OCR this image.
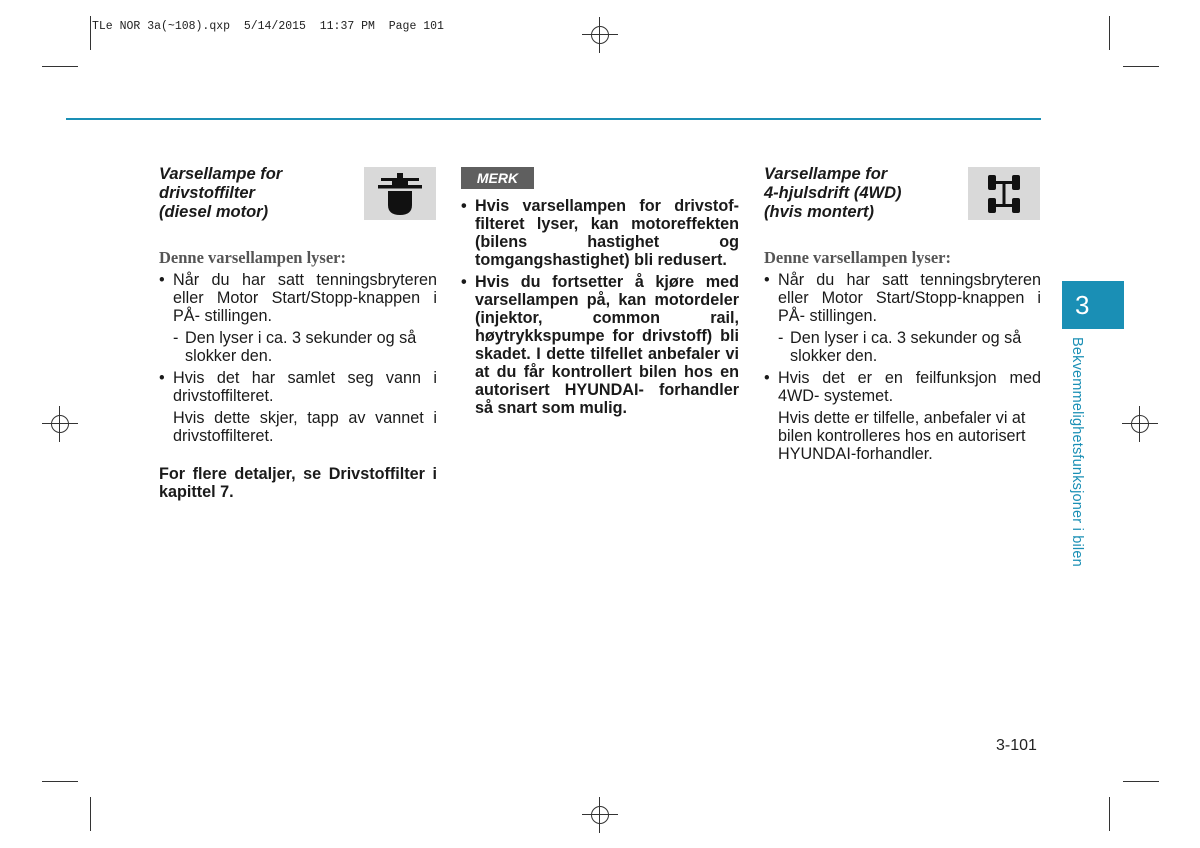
TLe NOR 3a(~108).qxp  5/14/2015  11:37 PM  Page 101

Varsellampe for

drivstoffilter

(diesel motor)

Denne varsellampen lyser:

• Når du har satt tenningsbryteren eller Motor Start/Stopp-knappen i PÅ- stillingen.
- Den lyser i ca. 3 sekunder og så slokker den.
• Hvis det har samlet seg vann i drivstoffilteret.
Hvis dette skjer, tapp av vannet i drivstoffilteret.

For flere detaljer, se Drivstoffilter i kapittel 7.

MERK
• Hvis varsellampen for drivstof- filteret lyser, kan motoreffekten (bilens hastighet og tomgangshastighet) bli redusert.
• Hvis du fortsetter å kjøre med varsellampen på, kan motordeler (injektor, common rail, høytrykkspumpe for drivstoff) bli skadet. I dette tilfellet anbefaler vi at du får kontrollert bilen hos en autorisert HYUNDAI- forhandler så snart som mulig.

Varsellampe for

4-hjulsdrift (4WD)

(hvis montert)

Denne varsellampen lyser:

• Når du har satt tenningsbryteren eller Motor Start/Stopp-knappen i PÅ- stillingen.
- Den lyser i ca. 3 sekunder og så slokker den.
• Hvis det er en feilfunksjon med 4WD- systemet.
Hvis dette er tilfelle, anbefaler vi at bilen kontrolleres hos en autorisert HYUNDAI-forhandler.
3
Bekvemmelighetsfunksjoner i bilen
3-101
